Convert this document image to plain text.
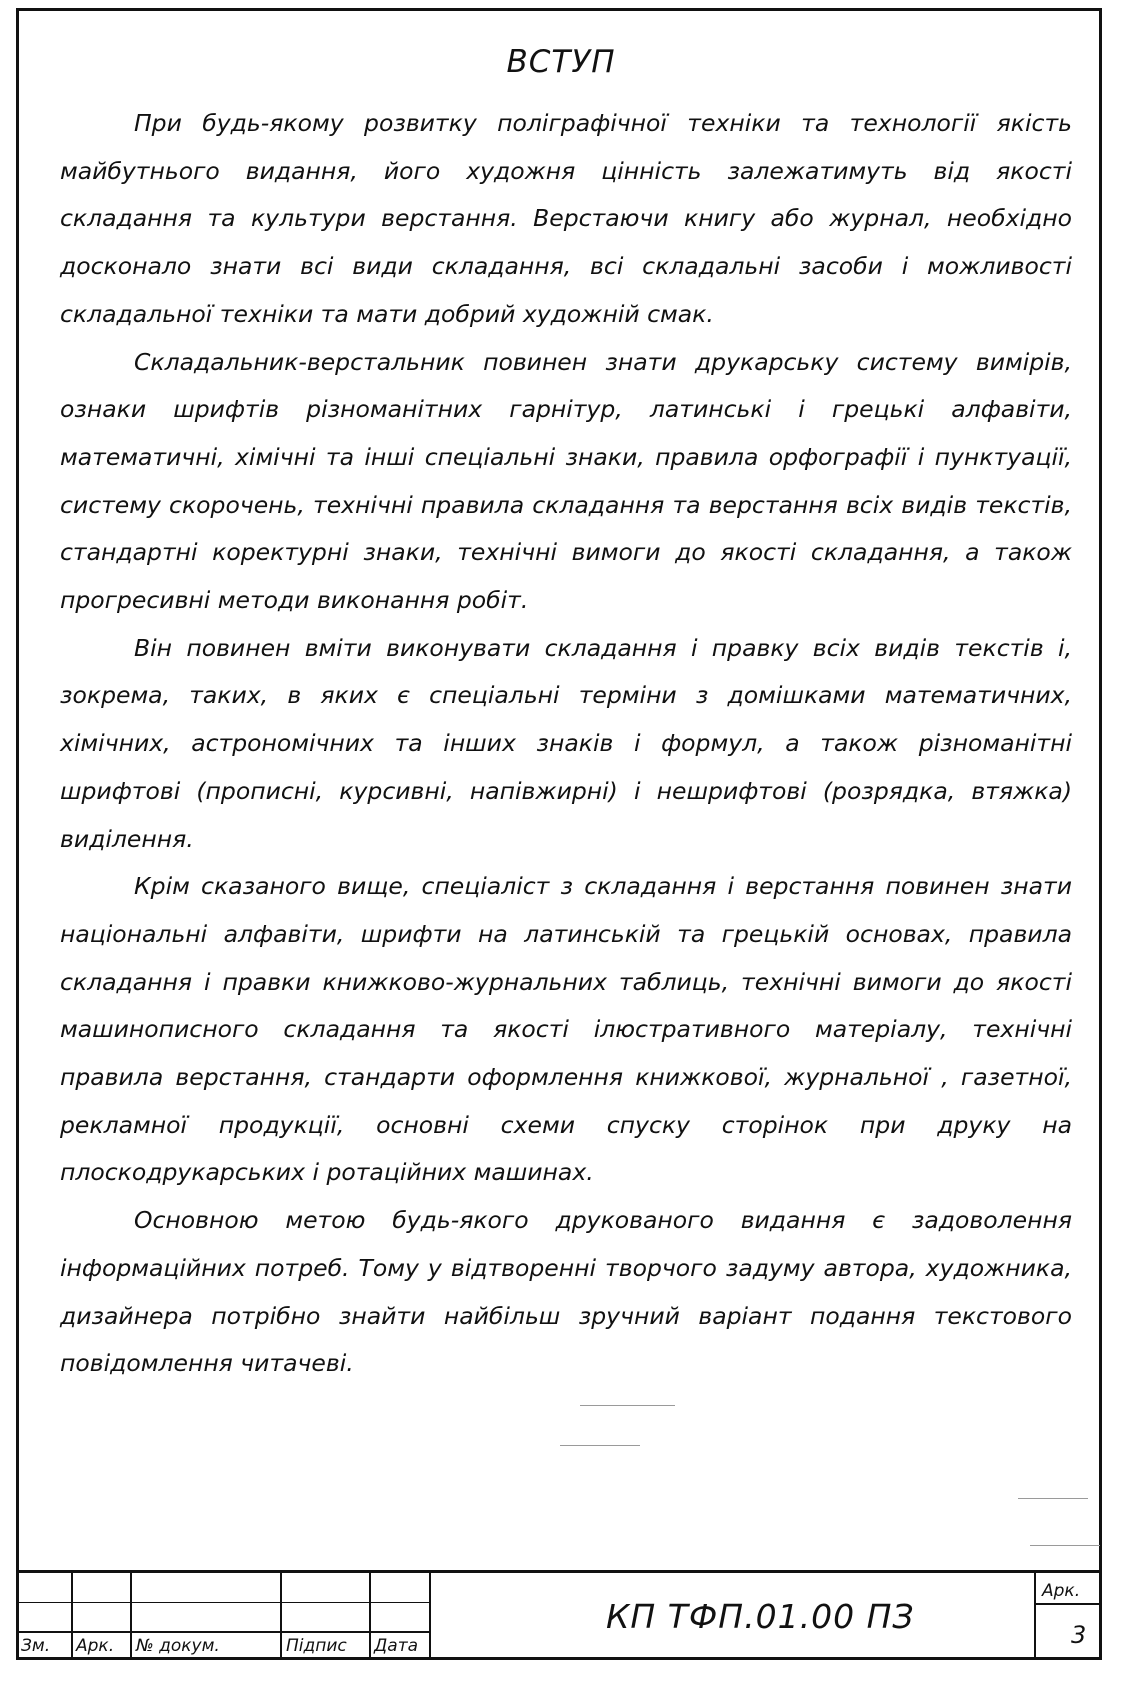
ВСТУП

При будь-якому розвитку поліграфічної техніки та технології якість майбутнього видання, його художня цінність залежатимуть від якості складання та культури верстання. Верстаючи книгу або журнал, необхідно досконало знати всі види складання, всі складальні засоби і можливості складальної техніки та мати добрий художній смак.

Складальник-верстальник повинен знати друкарську систему вимірів, ознаки шрифтів різноманітних гарнітур, латинські і грецькі алфавіти, математичні, хімічні та інші спеціальні знаки, правила орфографії і пунктуації, систему скорочень, технічні правила складання та верстання всіх видів текстів, стандартні коректурні знаки, технічні вимоги до якості складання, а також прогресивні методи виконання робіт.

Він повинен вміти виконувати складання і правку всіх видів текстів і, зокрема, таких, в яких є спеціальні терміни з домішками математичних, хімічних, астрономічних та інших знаків і формул, а також різноманітні шрифтові (прописні, курсивні, напівжирні) і нешрифтові (розрядка, втяжка) виділення.

Крім сказаного вище, спеціаліст з складання і верстання повинен знати національні алфавіти, шрифти на латинській та грецькій основах, правила складання і правки книжково-журнальних таблиць, технічні вимоги до якості машинописного складання та якості ілюстративного матеріалу, технічні правила верстання, стандарти оформлення книжкової, журнальної , газетної, рекламної продукції, основні схеми спуску сторінок при друку на плоскодрукарських і ротаційних машинах.

Основною метою будь-якого друкованого видання є задоволення інформаційних потреб. Тому у відтворенні творчого задуму автора, художника, дизайнера потрібно знайти найбільш зручний варіант подання текстового повідомлення читачеві.

Зм. Арк. № докум.	Підпис Дата
КП ТФП.01.00 ПЗ
Арк.
3
